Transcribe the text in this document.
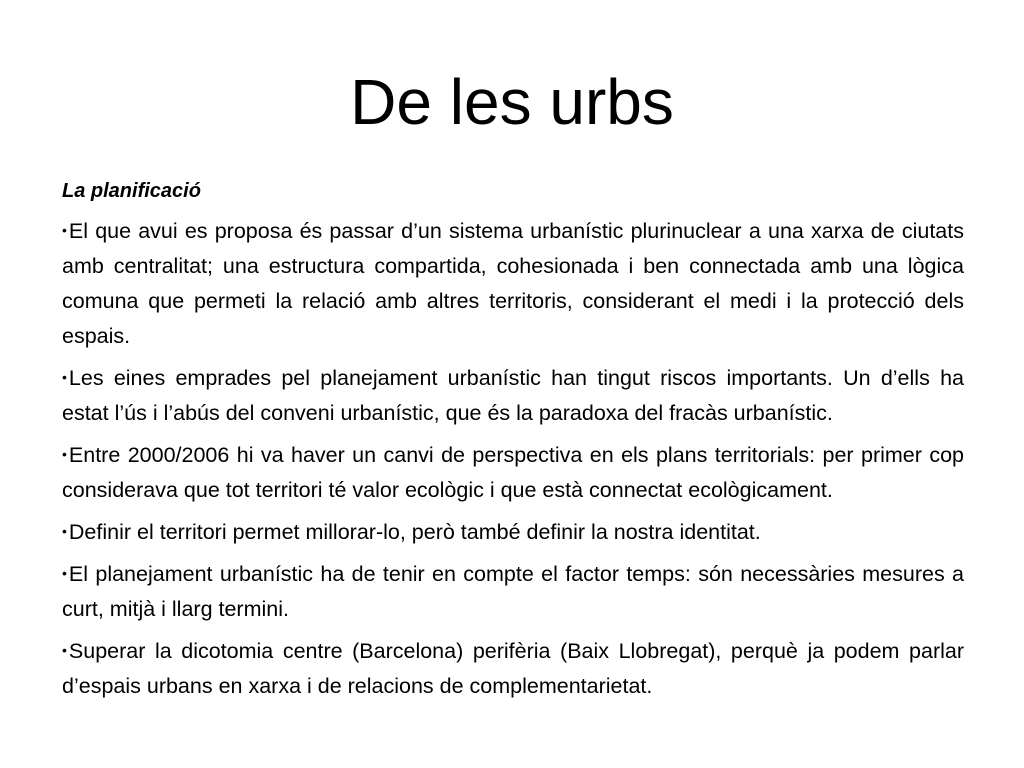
De les urbs

La planificació

•El que avui es proposa és passar d’un sistema urbanístic plurinuclear a una xarxa de ciutats amb centralitat; una estructura compartida, cohesionada i ben connectada amb una lògica comuna que permeti la relació amb altres territoris, considerant el medi i la protecció dels espais.
•Les eines emprades pel planejament urbanístic han tingut riscos importants. Un d’ells ha estat l’ús i l’abús del conveni urbanístic, que és la paradoxa del fracàs urbanístic.
•Entre 2000/2006 hi va haver un canvi de perspectiva en els plans territorials: per primer cop considerava que tot territori té valor ecològic i que està connectat ecològicament.
•Definir el territori permet millorar-lo, però també definir la nostra identitat.
•El planejament urbanístic ha de tenir en compte el factor temps: són necessàries mesures a curt, mitjà i llarg termini.
•Superar la dicotomia centre (Barcelona) perifèria (Baix Llobregat), perquè ja podem parlar d’espais urbans en xarxa i de relacions de complementarietat.
